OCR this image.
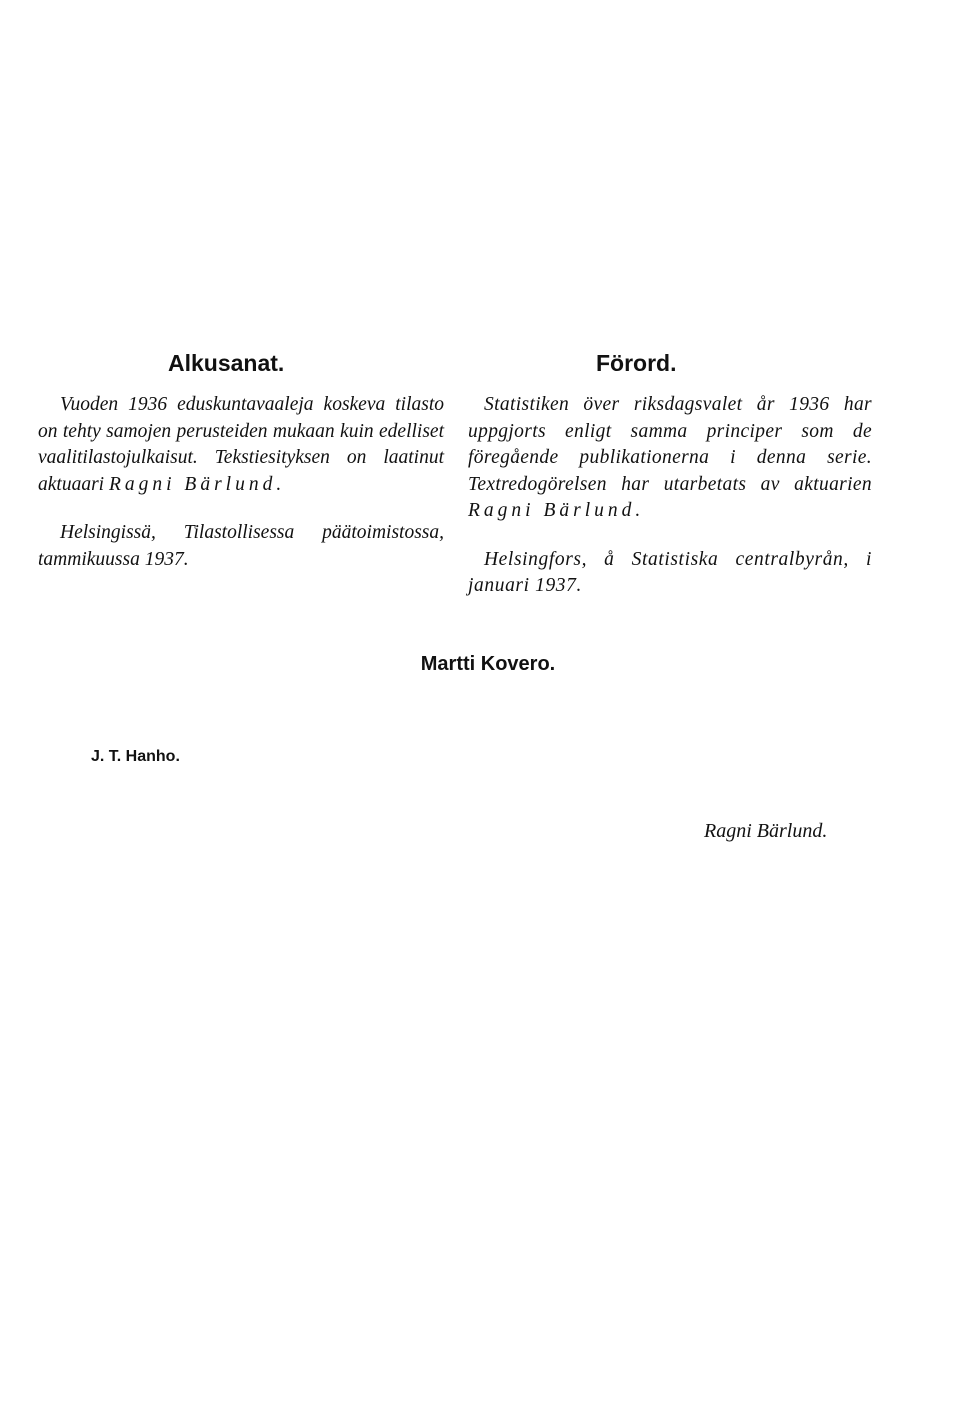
Alkusanat.

Vuoden 1936 eduskuntavaaleja koskeva tilasto on tehty samojen perusteiden mukaan kuin edelliset vaalitilastojulkaisut. Tekstiesityksen on laatinut aktuaari Ragni Bärlund.

Helsingissä, Tilastollisessa päätoimistossa, tammikuussa 1937.

Förord.

Statistiken över riksdagsvalet år 1936 har uppgjorts enligt samma principer som de föregående publikationerna i denna serie. Textredogörelsen har utarbetats av aktuarien Ragni Bärlund.

Helsingfors, å Statistiska centralbyrån, i januari 1937.

Martti Kovero.
J. T. Hanho.
Ragni Bärlund.
